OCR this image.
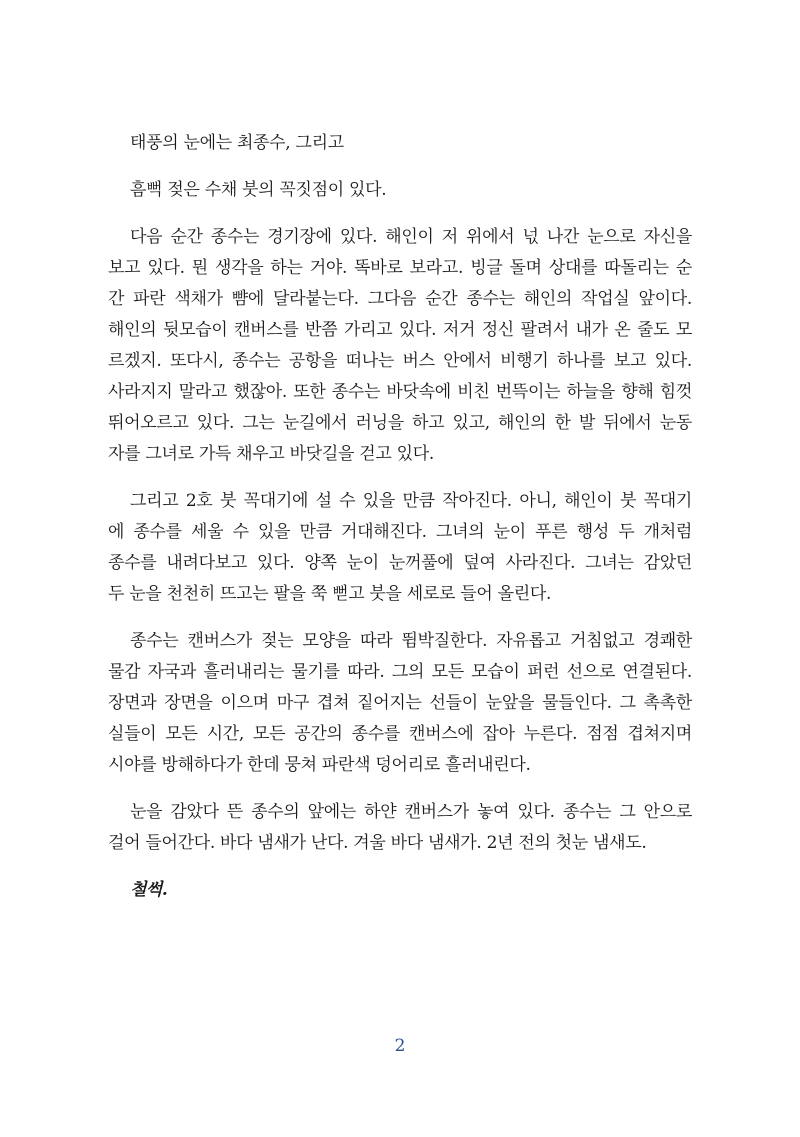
태풍의 눈에는 최종수, 그리고
흠뻑 젖은 수채 붓의 꼭짓점이 있다.
다음 순간 종수는 경기장에 있다. 해인이 저 위에서 넋 나간 눈으로 자신을
보고 있다. 뭔 생각을 하는 거야. 똑바로 보라고. 빙글 돌며 상대를 따돌리는 순
간 파란 색채가 뺨에 달라붙는다. 그다음 순간 종수는 해인의 작업실 앞이다.
해인의 뒷모습이 캔버스를 반쯤 가리고 있다. 저거 정신 팔려서 내가 온 줄도 모
르겠지. 또다시, 종수는 공항을 떠나는 버스 안에서 비행기 하나를 보고 있다.
사라지지 말라고 했잖아. 또한 종수는 바닷속에 비친 번뜩이는 하늘을 향해 힘껏
뛰어오르고 있다. 그는 눈길에서 러닝을 하고 있고, 해인의 한 발 뒤에서 눈동
자를 그녀로 가득 채우고 바닷길을 걷고 있다.
그리고 2호 붓 꼭대기에 설 수 있을 만큼 작아진다. 아니, 해인이 붓 꼭대기
에 종수를 세울 수 있을 만큼 거대해진다. 그녀의 눈이 푸른 행성 두 개처럼
종수를 내려다보고 있다. 양쪽 눈이 눈꺼풀에 덮여 사라진다. 그녀는 감았던
두 눈을 천천히 뜨고는 팔을 쭉 뻗고 붓을 세로로 들어 올린다.
종수는 캔버스가 젖는 모양을 따라 뜀박질한다. 자유롭고 거침없고 경쾌한
물감 자국과 흘러내리는 물기를 따라. 그의 모든 모습이 퍼런 선으로 연결된다.
장면과 장면을 이으며 마구 겹쳐 짙어지는 선들이 눈앞을 물들인다. 그 촉촉한
실들이 모든 시간, 모든 공간의 종수를 캔버스에 잡아 누른다. 점점 겹쳐지며
시야를 방해하다가 한데 뭉쳐 파란색 덩어리로 흘러내린다.
눈을 감았다 뜬 종수의 앞에는 하얀 캔버스가 놓여 있다. 종수는 그 안으로
걸어 들어간다. 바다 냄새가 난다. 겨울 바다 냄새가. 2년 전의 첫눈 냄새도.
철썩.
2
